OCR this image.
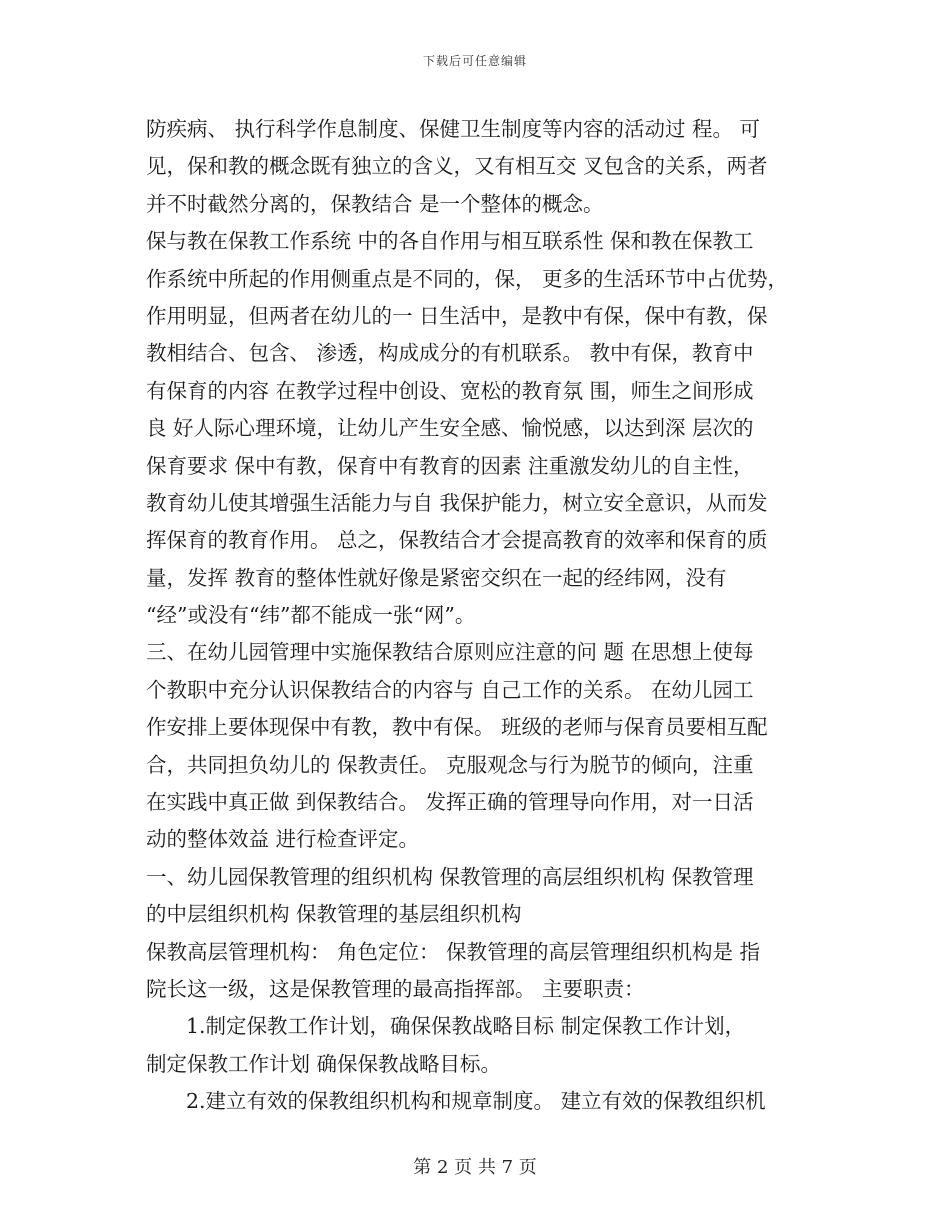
下载后可任意编辑
防疾病、 执行科学作息制度、保健卫生制度等内容的活动过 程。 可
见，保和教的概念既有独立的含义，又有相互交 叉包含的关系，两者
并不时截然分离的，保教结合 是一个整体的概念。
保与教在保教工作系统 中的各自作用与相互联系性 保和教在保教工
作系统中所起的作用侧重点是不同的，保， 更多的生活环节中占优势，
作用明显，但两者在幼儿的一 日生活中，是教中有保，保中有教，保
教相结合、包含、 渗透，构成成分的有机联系。 教中有保，教育中
有保育的内容 在教学过程中创设、宽松的教育氛 围，师生之间形成
良 好人际心理环境，让幼儿产生安全感、愉悦感，以达到深 层次的
保育要求 保中有教，保育中有教育的因素 注重激发幼儿的自主性，
教育幼儿使其增强生活能力与自 我保护能力，树立安全意识，从而发
挥保育的教育作用。 总之，保教结合才会提高教育的效率和保育的质
量，发挥 教育的整体性就好像是紧密交织在一起的经纬网，没有
“经”或没有“纬”都不能成一张“网”。
三、在幼儿园管理中实施保教结合原则应注意的问 题 在思想上使每
个教职中充分认识保教结合的内容与 自己工作的关系。 在幼儿园工
作安排上要体现保中有教，教中有保。 班级的老师与保育员要相互配
合，共同担负幼儿的 保教责任。 克服观念与行为脱节的倾向，注重
在实践中真正做 到保教结合。 发挥正确的管理导向作用，对一日活
动的整体效益 进行检查评定。
一、幼儿园保教管理的组织机构 保教管理的高层组织机构 保教管理
的中层组织机构 保教管理的基层组织机构
保教高层管理机构： 角色定位： 保教管理的高层管理组织机构是 指
院长这一级，这是保教管理的最高指挥部。 主要职责：
1.制定保教工作计划，确保保教战略目标 制定保教工作计划，
制定保教工作计划 确保保教战略目标。
2.建立有效的保教组织机构和规章制度。 建立有效的保教组织机
第 2 页 共 7 页
